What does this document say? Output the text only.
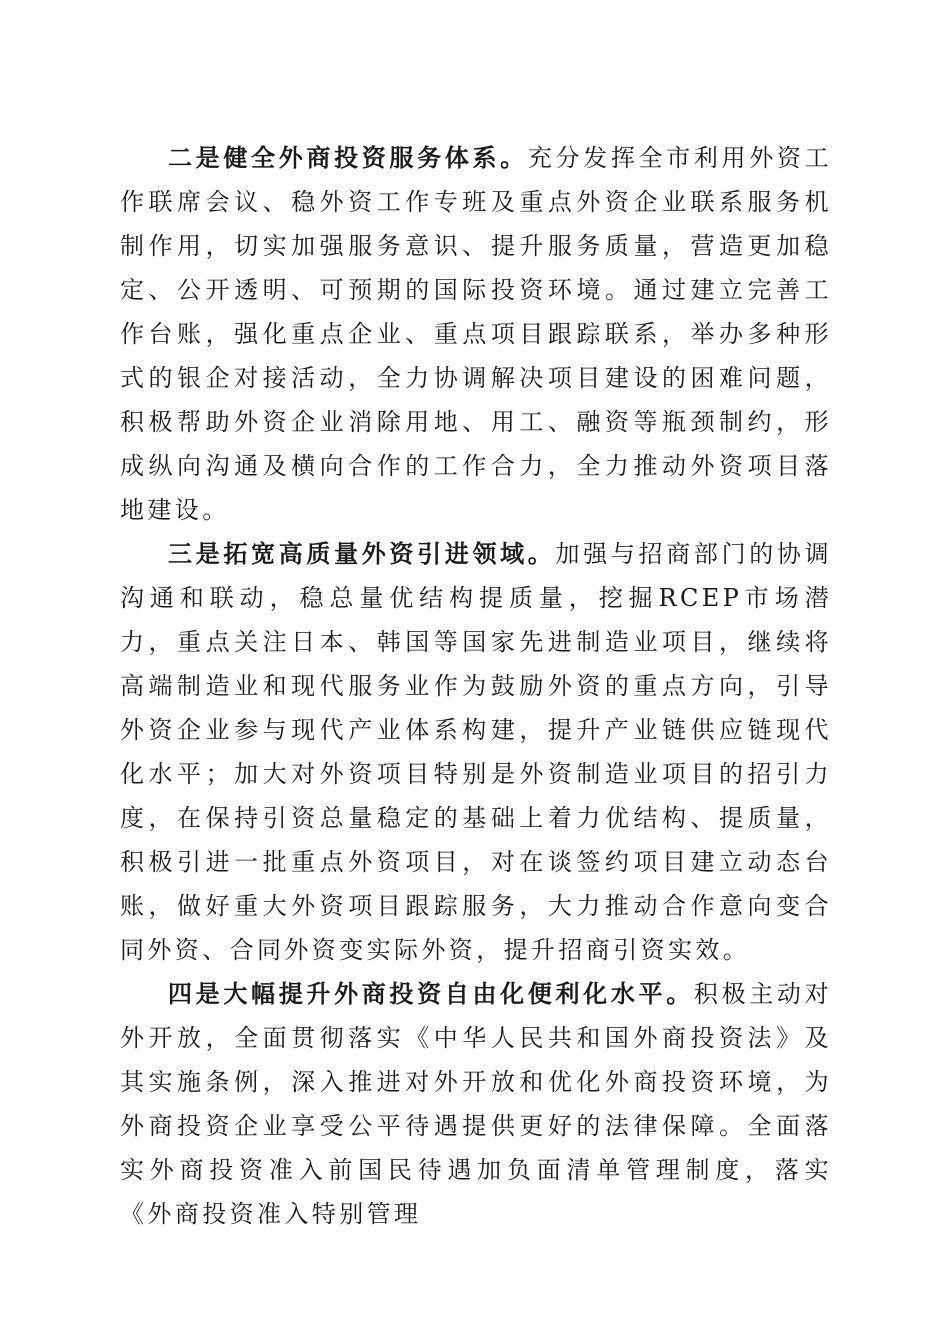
二是健全外商投资服务体系。充分发挥全市利用外资工作联席会议、稳外资工作专班及重点外资企业联系服务机制作用，切实加强服务意识、提升服务质量，营造更加稳定、公开透明、可预期的国际投资环境。通过建立完善工作台账，强化重点企业、重点项目跟踪联系，举办多种形式的银企对接活动，全力协调解决项目建设的困难问题，积极帮助外资企业消除用地、用工、融资等瓶颈制约，形成纵向沟通及横向合作的工作合力，全力推动外资项目落地建设。

三是拓宽高质量外资引进领域。加强与招商部门的协调沟通和联动，稳总量优结构提质量，挖掘RCEP市场潜力，重点关注日本、韩国等国家先进制造业项目，继续将高端制造业和现代服务业作为鼓励外资的重点方向，引导外资企业参与现代产业体系构建，提升产业链供应链现代化水平；加大对外资项目特别是外资制造业项目的招引力度，在保持引资总量稳定的基础上着力优结构、提质量，积极引进一批重点外资项目，对在谈签约项目建立动态台账，做好重大外资项目跟踪服务，大力推动合作意向变合同外资、合同外资变实际外资，提升招商引资实效。

四是大幅提升外商投资自由化便利化水平。积极主动对外开放，全面贯彻落实《中华人民共和国外商投资法》及其实施条例，深入推进对外开放和优化外商投资环境，为外商投资企业享受公平待遇提供更好的法律保障。全面落实外商投资准入前国民待遇加负面清单管理制度，落实《外商投资准入特别管理
